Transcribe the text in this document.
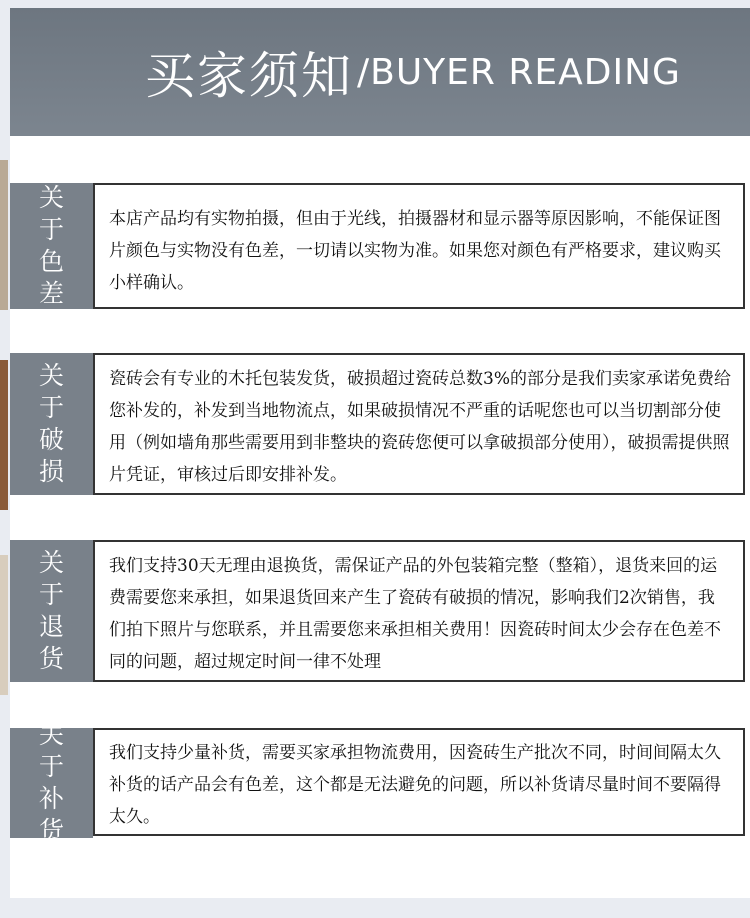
买家须知 /BUYER READING
关
于
色
差
本店产品均有实物拍摄，但由于光线，拍摄器材和显示器等原因影响，不能保证图片颜色与实物没有色差，一切请以实物为准。如果您对颜色有严格要求，建议购买小样确认。
关
于
破
损
瓷砖会有专业的木托包装发货，破损超过瓷砖总数3%的部分是我们卖家承诺免费给您补发的，补发到当地物流点，如果破损情况不严重的话呢您也可以当切割部分使用（例如墙角那些需要用到非整块的瓷砖您便可以拿破损部分使用），破损需提供照片凭证，审核过后即安排补发。
关
于
退
货
我们支持30天无理由退换货，需保证产品的外包装箱完整（整箱），退货来回的运费需要您来承担，如果退货回来产生了瓷砖有破损的情况，影响我们2次销售，我们拍下照片与您联系，并且需要您来承担相关费用！因瓷砖时间太少会存在色差不同的问题，超过规定时间一律不处理
关
于
补
货
我们支持少量补货，需要买家承担物流费用，因瓷砖生产批次不同，时间间隔太久补货的话产品会有色差，这个都是无法避免的问题，所以补货请尽量时间不要隔得太久。
